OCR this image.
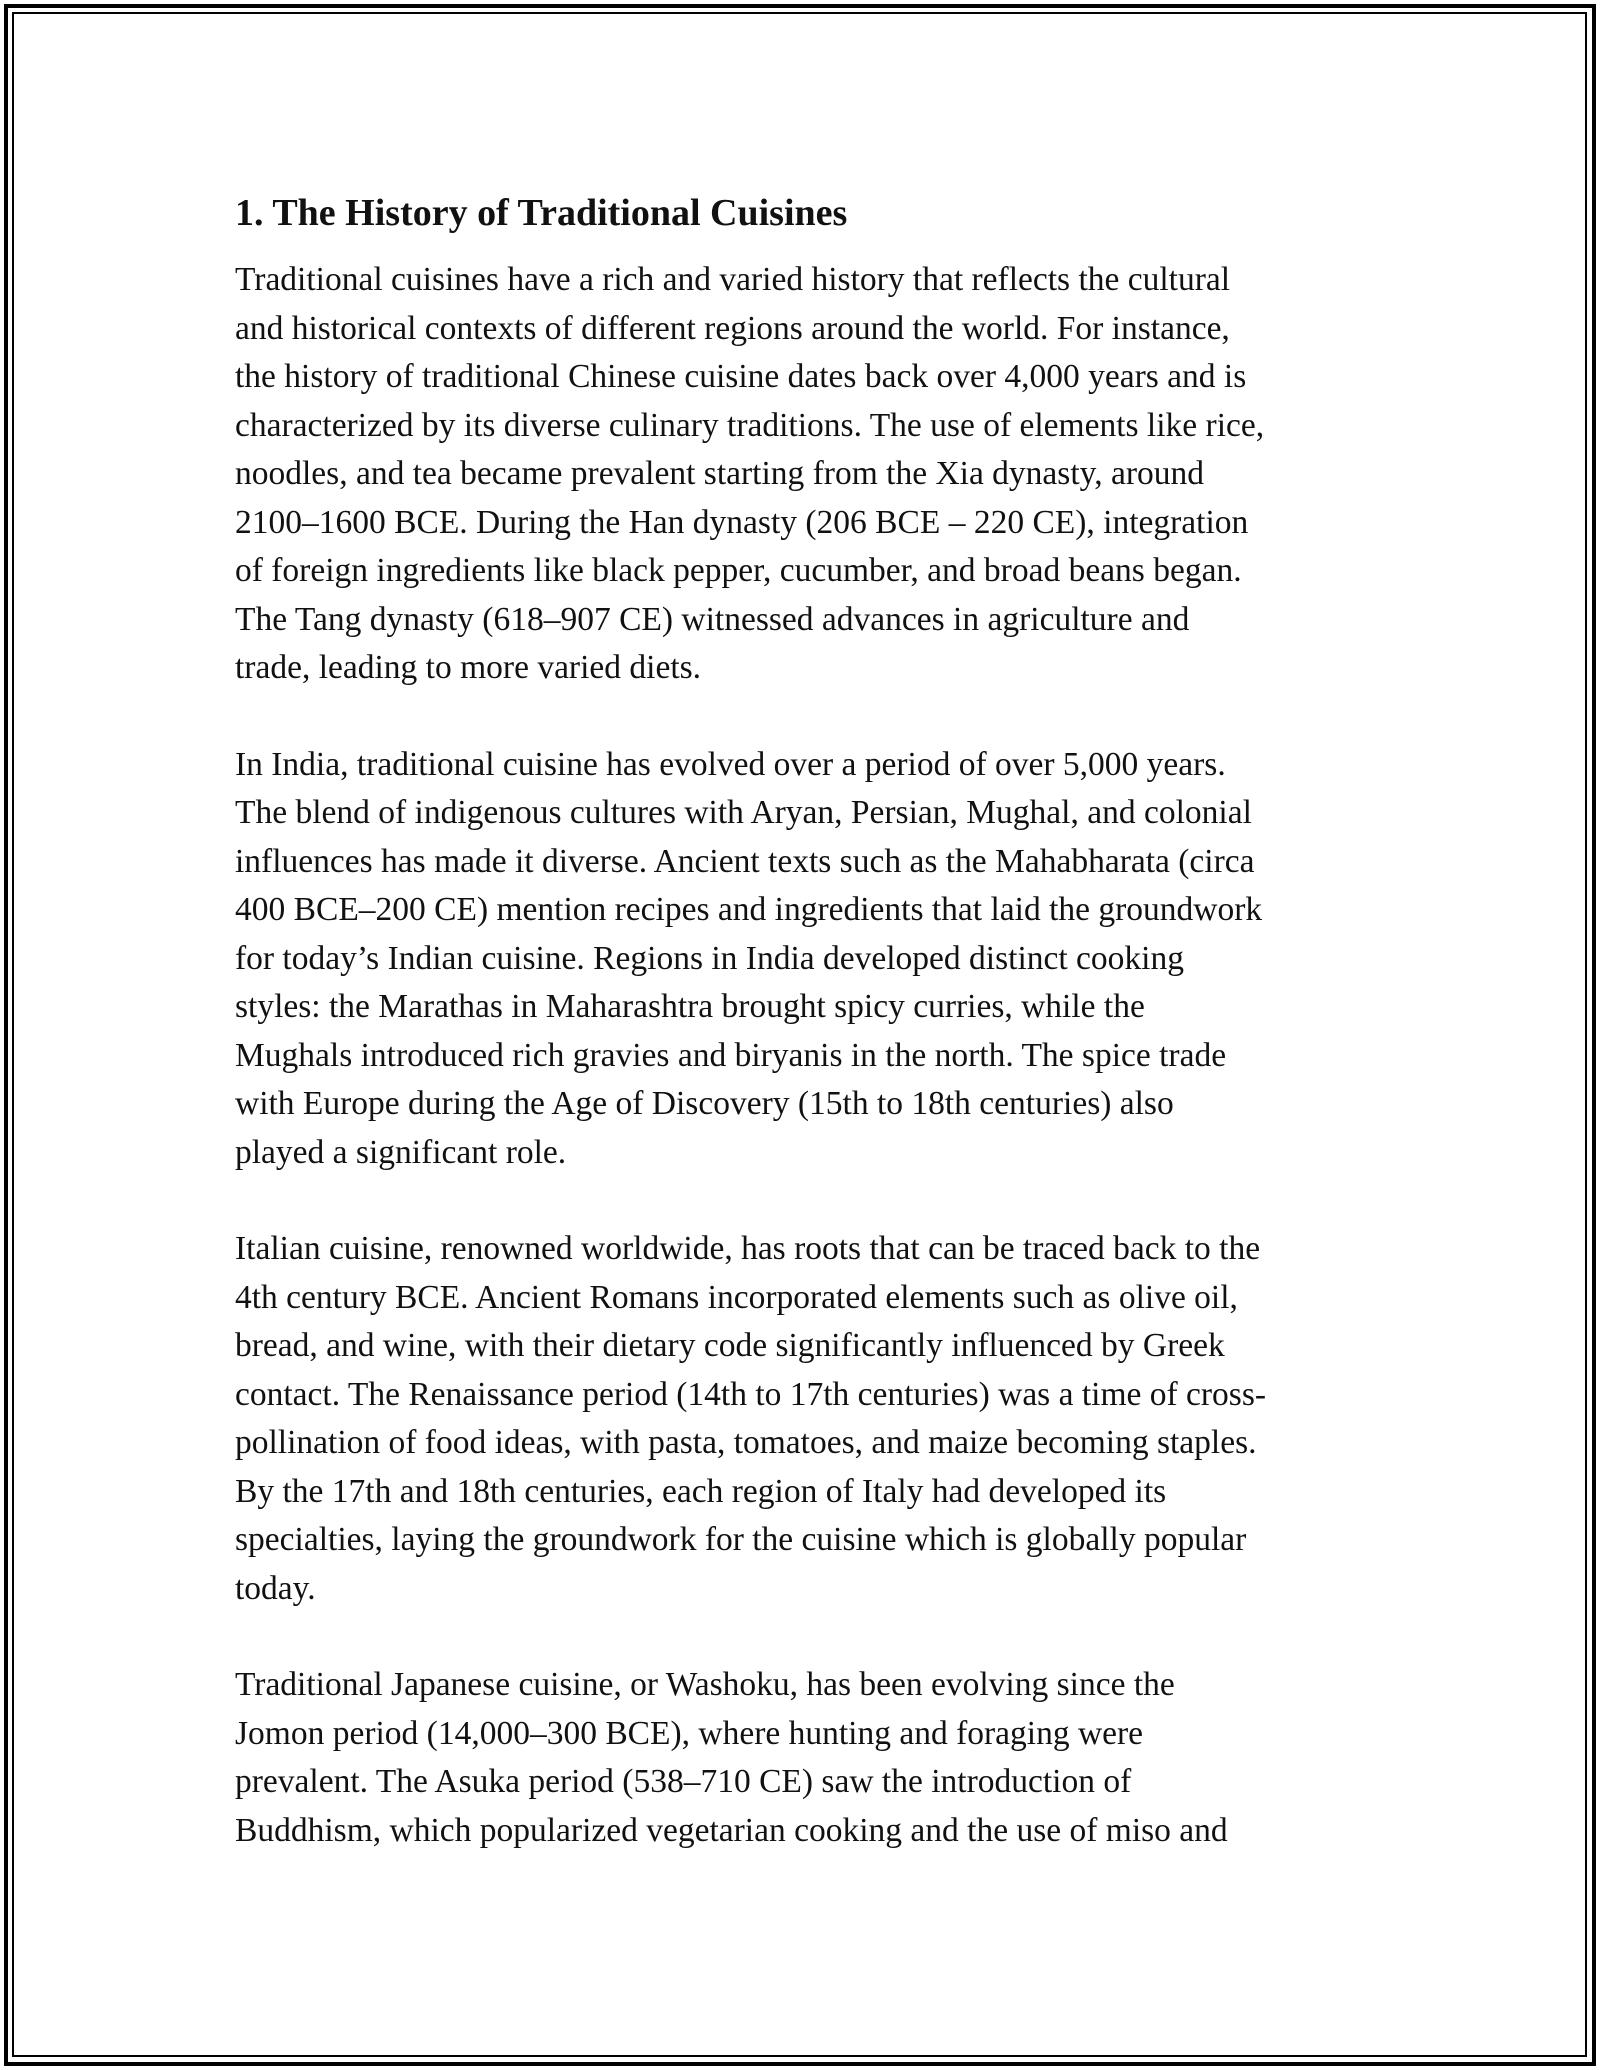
1. The History of Traditional Cuisines

Traditional cuisines have a rich and varied history that reflects the cultural
and historical contexts of different regions around the world. For instance,
the history of traditional Chinese cuisine dates back over 4,000 years and is
characterized by its diverse culinary traditions. The use of elements like rice,
noodles, and tea became prevalent starting from the Xia dynasty, around
2100–1600 BCE. During the Han dynasty (206 BCE – 220 CE), integration
of foreign ingredients like black pepper, cucumber, and broad beans began.
The Tang dynasty (618–907 CE) witnessed advances in agriculture and
trade, leading to more varied diets.

In India, traditional cuisine has evolved over a period of over 5,000 years.
The blend of indigenous cultures with Aryan, Persian, Mughal, and colonial
influences has made it diverse. Ancient texts such as the Mahabharata (circa
400 BCE–200 CE) mention recipes and ingredients that laid the groundwork
for today’s Indian cuisine. Regions in India developed distinct cooking
styles: the Marathas in Maharashtra brought spicy curries, while the
Mughals introduced rich gravies and biryanis in the north. The spice trade
with Europe during the Age of Discovery (15th to 18th centuries) also
played a significant role.

Italian cuisine, renowned worldwide, has roots that can be traced back to the
4th century BCE. Ancient Romans incorporated elements such as olive oil,
bread, and wine, with their dietary code significantly influenced by Greek
contact. The Renaissance period (14th to 17th centuries) was a time of cross-
pollination of food ideas, with pasta, tomatoes, and maize becoming staples.
By the 17th and 18th centuries, each region of Italy had developed its
specialties, laying the groundwork for the cuisine which is globally popular
today.

Traditional Japanese cuisine, or Washoku, has been evolving since the
Jomon period (14,000–300 BCE), where hunting and foraging were
prevalent. The Asuka period (538–710 CE) saw the introduction of
Buddhism, which popularized vegetarian cooking and the use of miso and
